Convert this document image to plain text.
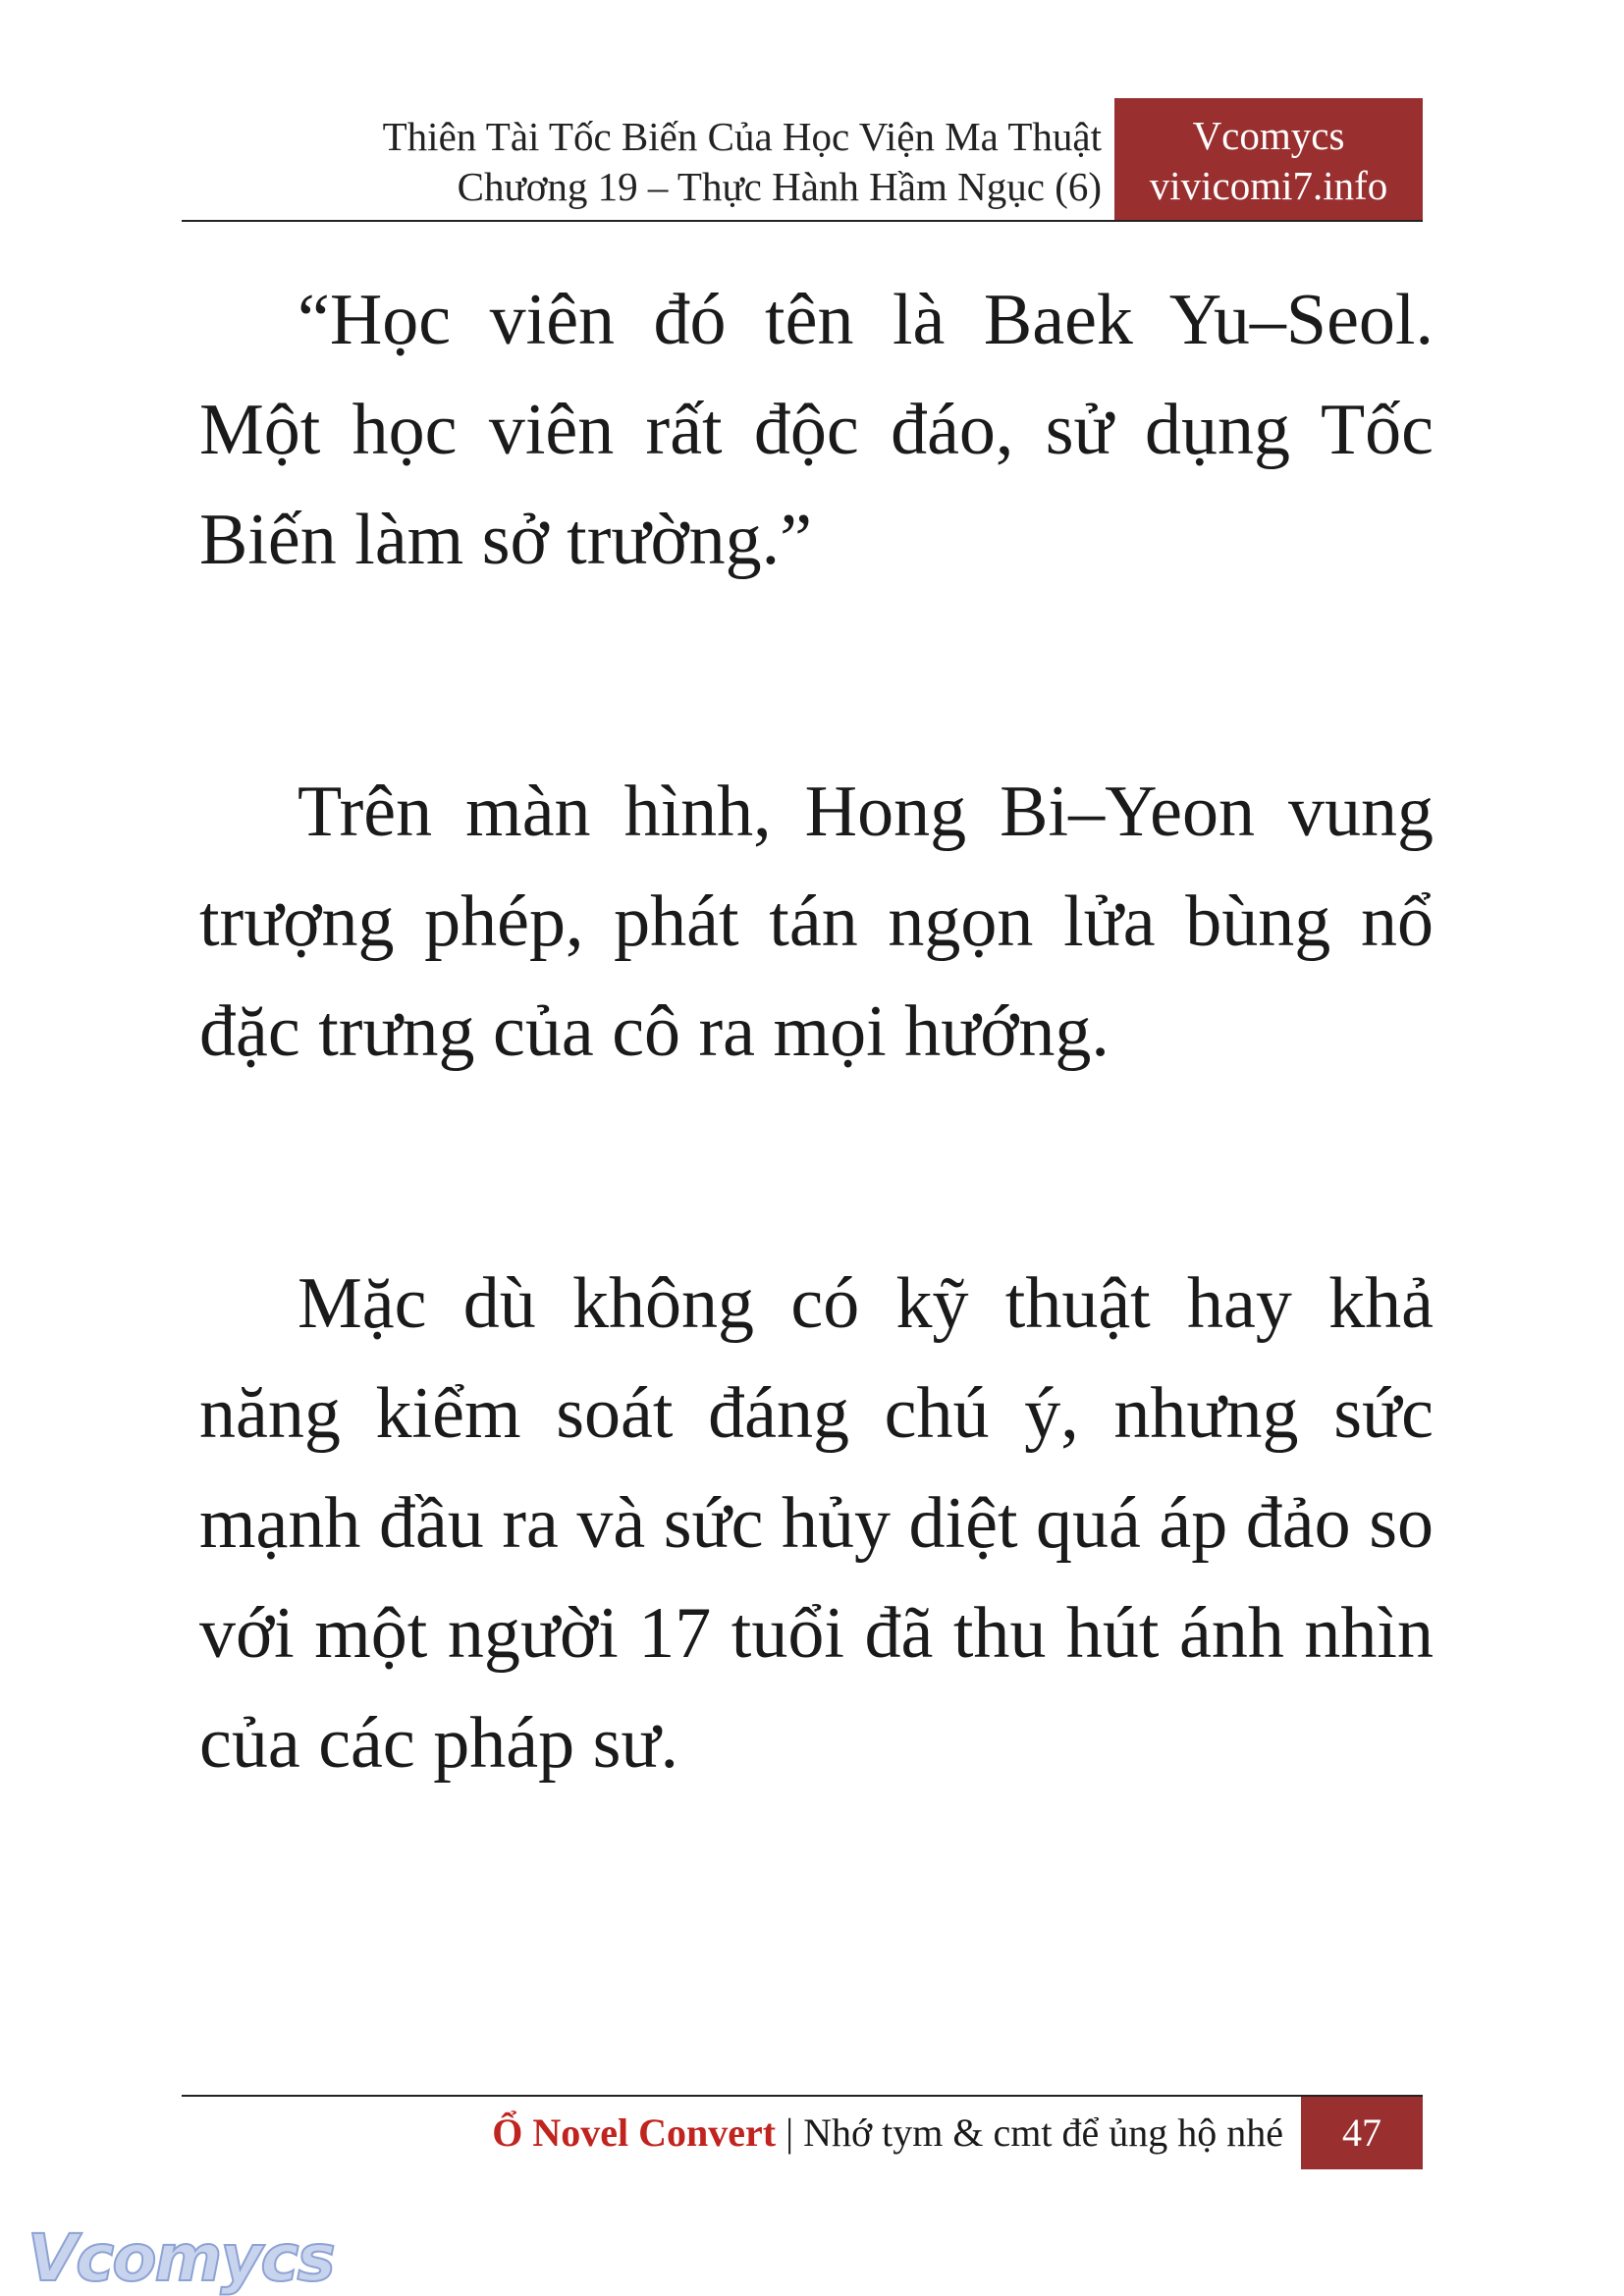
Thiên Tài Tốc Biến Của Học Viện Ma Thuật
Chương 19 – Thực Hành Hầm Ngục (6)
Vcomycs
vivicomi7.info

“Học viên đó tên là Baek Yu–Seol. Một học viên rất độc đáo, sử dụng Tốc Biến làm sở trường.”

Trên màn hình, Hong Bi–Yeon vung trượng phép, phát tán ngọn lửa bùng nổ đặc trưng của cô ra mọi hướng.

Mặc dù không có kỹ thuật hay khả năng kiểm soát đáng chú ý, nhưng sức mạnh đầu ra và sức hủy diệt quá áp đảo so với một người 17 tuổi đã thu hút ánh nhìn của các pháp sư.

Ổ Novel Convert | Nhớ tym & cmt để ủng hộ nhé	47
Vcomycs
